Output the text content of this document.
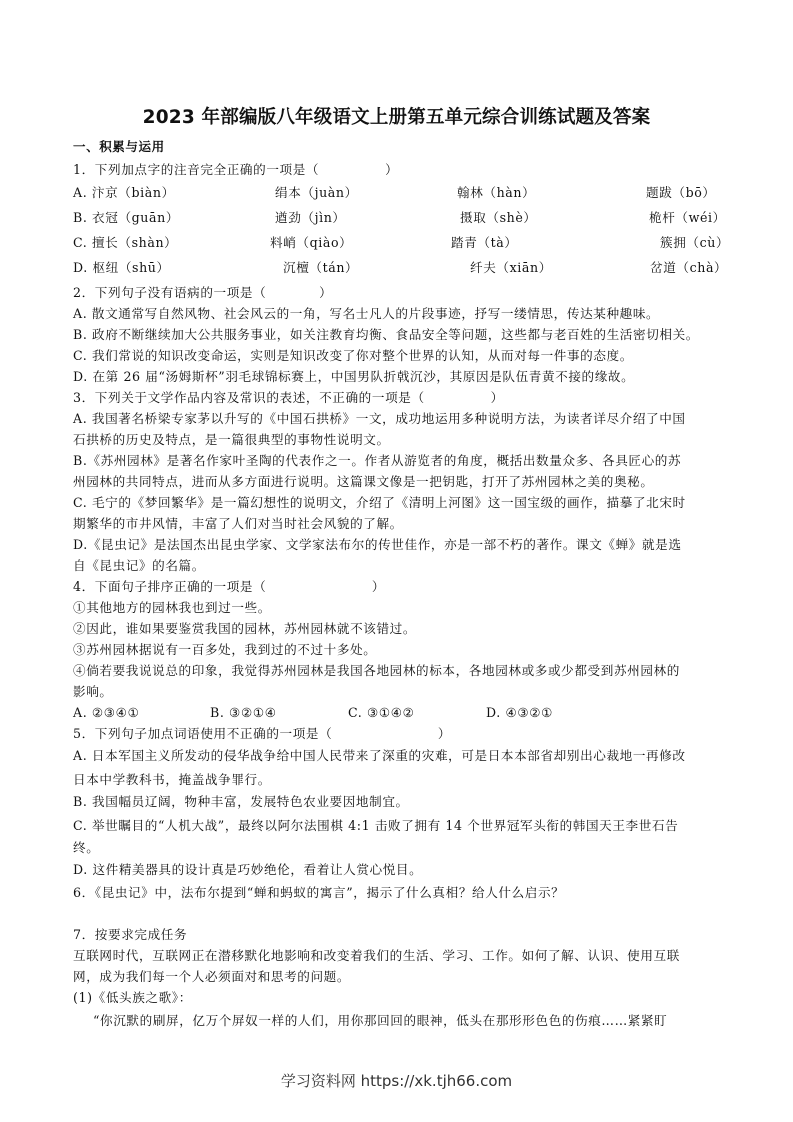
2023 年部编版八年级语文上册第五单元综合训练试题及答案
一、积累与运用
1．下列加点字的注音完全正确的一项是（　　　　　）
A. 汴京（biàn）	绢本（juàn）	翰林（hàn）	题跋（bō）
B. 衣冠（guān）	遒劲（jìn）	摄取（shè）	桅杆（wéi）
C. 擅长（shàn）	料峭（qiào）	踏青（tà）	簇拥（cù）
D. 枢纽（shū）	沉檀（tán）	纤夫（xiān）	岔道（chà）
2．下列句子没有语病的一项是（　　　　）
A. 散文通常写自然风物、社会风云的一角，写名士凡人的片段事迹，抒写一缕情思，传达某种趣味。
B. 政府不断继续加大公共服务事业，如关注教育均衡、食品安全等问题，这些都与老百姓的生活密切相关。
C. 我们常说的知识改变命运，实则是知识改变了你对整个世界的认知，从而对每一件事的态度。
D. 在第 26 届“汤姆斯杯”羽毛球锦标赛上，中国男队折戟沉沙，其原因是队伍青黄不接的缘故。
3．下列关于文学作品内容及常识的表述，不正确的一项是（　　　　　）
A. 我国著名桥梁专家茅以升写的《中国石拱桥》一文，成功地运用多种说明方法，为读者详尽介绍了中国
石拱桥的历史及特点，是一篇很典型的事物性说明文。
B.《苏州园林》是著名作家叶圣陶的代表作之一。作者从游览者的角度，概括出数量众多、各具匠心的苏
州园林的共同特点，进而从多方面进行说明。这篇课文像是一把钥匙，打开了苏州园林之美的奥秘。
C. 毛宁的《梦回繁华》是一篇幻想性的说明文，介绍了《清明上河图》这一国宝级的画作，描摹了北宋时
期繁华的市井风情，丰富了人们对当时社会风貌的了解。
D.《昆虫记》是法国杰出昆虫学家、文学家法布尔的传世佳作，亦是一部不朽的著作。课文《蝉》就是选
自《昆虫记》的名篇。
4．下面句子排序正确的一项是（　　　　　　　　）
①其他地方的园林我也到过一些。
②因此，谁如果要鉴赏我国的园林，苏州园林就不该错过。
③苏州园林据说有一百多处，我到过的不过十多处。
④倘若要我说说总的印象，我觉得苏州园林是我国各地园林的标本，各地园林或多或少都受到苏州园林的
影响。
A. ②③④①	B. ③②①④	C. ③①④②	D. ④③②①
5．下列句子加点词语使用不正确的一项是（　　　　　　　　）
A. 日本军国主义所发动的侵华战争给中国人民带来了深重的灾难，可是日本本部省却别出心裁地一再修改
日本中学教科书，掩盖战争罪行。
B. 我国幅员辽阔，物种丰富，发展特色农业要因地制宜。
C. 举世瞩目的“人机大战”，最终以阿尔法围棋 4:1 击败了拥有 14 个世界冠军头衔的韩国天王李世石告
终。
D. 这件精美器具的设计真是巧妙绝伦，看着让人赏心悦目。
6．《昆虫记》中，法布尔提到“蝉和蚂蚁的寓言”，揭示了什么真相？给人什么启示？
7．按要求完成任务
互联网时代，互联网正在潜移默化地影响和改变着我们的生活、学习、工作。如何了解、认识、使用互联
网，成为我们每一个人必须面对和思考的问题。
(1)《低头族之歌》：
“你沉默的刷屏，亿万个屏奴一样的人们，用你那回回的眼神，低头在那形形色色的伤痕……紧紧盯
学习资料网 https://xk.tjh66.com
